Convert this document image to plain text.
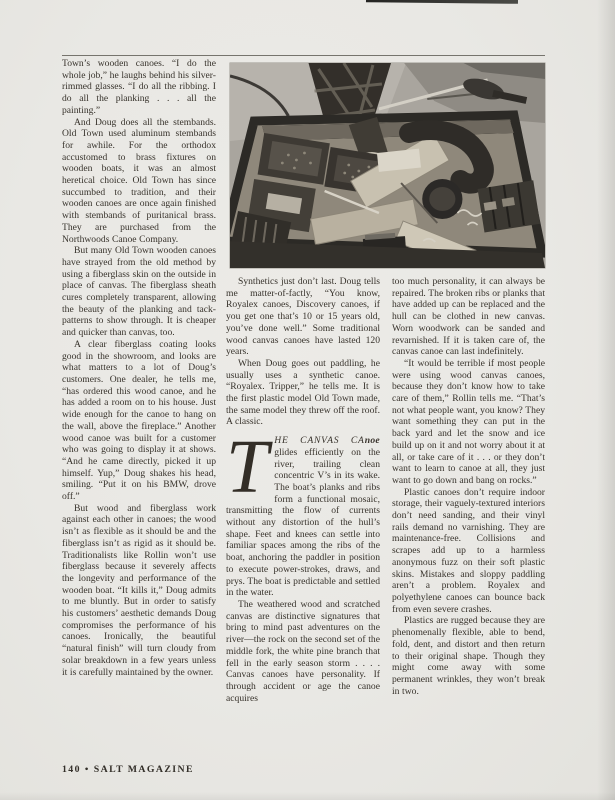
Town’s wooden canoes. “I do the whole job,” he laughs behind his silver-rimmed glasses. “I do all the ribbing. I do all the planking . . . all the painting.”

And Doug does all the stembands. Old Town used aluminum stembands for awhile. For the orthodox accustomed to brass fixtures on wooden boats, it was an almost heretical choice. Old Town has since succumbed to tradition, and their wooden canoes are once again finished with stembands of puritanical brass. They are purchased from the Northwoods Canoe Company.

But many Old Town wooden canoes have strayed from the old method by using a fiberglass skin on the outside in place of canvas. The fiberglass sheath cures completely transparent, allowing the beauty of the planking and tack-patterns to show through. It is cheaper and quicker than canvas, too.

A clear fiberglass coating looks good in the showroom, and looks are what matters to a lot of Doug’s customers. One dealer, he tells me, “has ordered this wood canoe, and he has added a room on to his house. Just wide enough for the canoe to hang on the wall, above the fireplace.” Another wood canoe was built for a customer who was going to display it at shows. “And he came directly, picked it up himself. Yup,” Doug shakes his head, smiling. “Put it on his BMW, drove off.”

But wood and fiberglass work against each other in canoes; the wood isn’t as flexible as it should be and the fiberglass isn’t as rigid as it should be. Traditionalists like Rollin won’t use fiberglass because it severely affects the longevity and performance of the wooden boat. “It kills it,” Doug admits to me bluntly. But in order to satisfy his customers’ aesthetic demands Doug compromises the performance of his canoes. Ironically, the beautiful “natural finish” will turn cloudy from solar breakdown in a few years unless it is carefully maintained by the owner.

Synthetics just don’t last. Doug tells me matter-of-factly, “You know, Royalex canoes, Discovery canoes, if you get one that’s 10 or 15 years old, you’ve done well.” Some traditional wood canvas canoes have lasted 120 years.

When Doug goes out paddling, he usually uses a synthetic canoe. “Royalex. Tripper,” he tells me. It is the first plastic model Old Town made, the same model they threw off the roof. A classic.

THE CANVAS CAnoe glides efficiently on the river, trailing clean concentric V’s in its wake. The boat’s planks and ribs form a functional mosaic, transmitting the flow of currents without any distortion of the hull’s shape. Feet and knees can settle into familiar spaces among the ribs of the boat, anchoring the paddler in position to execute power-strokes, draws, and prys. The boat is predictable and settled in the water.

The weathered wood and scratched canvas are distinctive signatures that bring to mind past adventures on the river—the rock on the second set of the middle fork, the white pine branch that fell in the early season storm . . . . Canvas canoes have personality. If through accident or age the canoe acquires

too much personality, it can always be repaired. The broken ribs or planks that have added up can be replaced and the hull can be clothed in new canvas. Worn woodwork can be sanded and revarnished. If it is taken care of, the canvas canoe can last indefinitely.

“It would be terrible if most people were using wood canvas canoes, because they don’t know how to take care of them,” Rollin tells me. “That’s not what people want, you know? They want something they can put in the back yard and let the snow and ice build up on it and not worry about it at all, or take care of it . . . or they don’t want to learn to canoe at all, they just want to go down and bang on rocks.”

Plastic canoes don’t require indoor storage, their vaguely-textured interiors don’t need sanding, and their vinyl rails demand no varnishing. They are maintenance-free. Collisions and scrapes add up to a harmless anonymous fuzz on their soft plastic skins. Mistakes and sloppy paddling aren’t a problem. Royalex and polyethylene canoes can bounce back from even severe crashes.

Plastics are rugged because they are phenomenally flexible, able to bend, fold, dent, and distort and then return to their original shape. Though they might come away with some permanent wrinkles, they won’t break in two.

140 • SALT MAGAZINE
